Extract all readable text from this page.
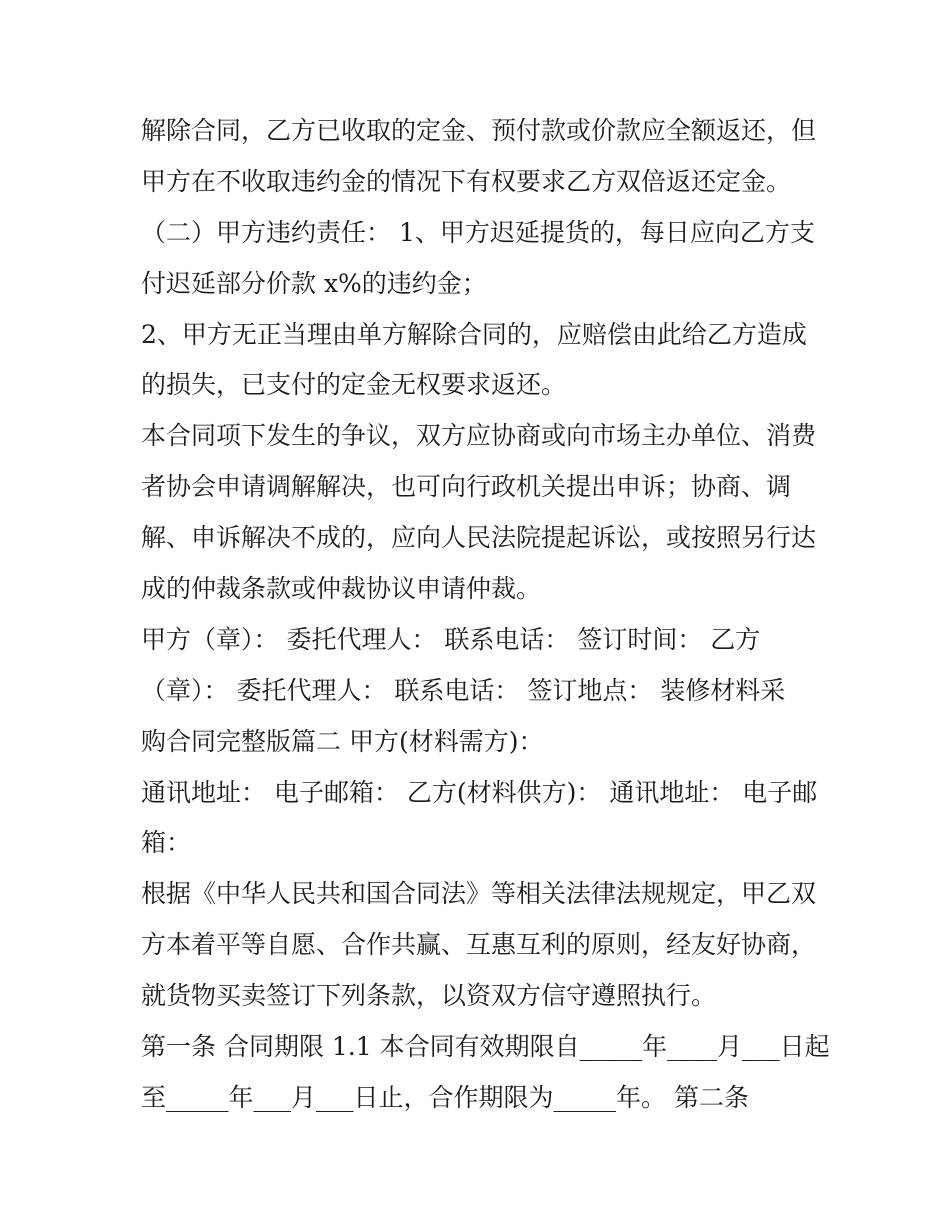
解除合同，乙方已收取的定金、预付款或价款应全额返还，但
甲方在不收取违约金的情况下有权要求乙方双倍返还定金。
（二）甲方违约责任： 1、甲方迟延提货的，每日应向乙方支
付迟延部分价款 x%的违约金；
2、甲方无正当理由单方解除合同的，应赔偿由此给乙方造成
的损失，已支付的定金无权要求返还。
本合同项下发生的争议，双方应协商或向市场主办单位、消费
者协会申请调解解决，也可向行政机关提出申诉；协商、调
解、申诉解决不成的，应向人民法院提起诉讼，或按照另行达
成的仲裁条款或仲裁协议申请仲裁。
甲方（章）： 委托代理人： 联系电话： 签订时间： 乙方
（章）： 委托代理人： 联系电话： 签订地点： 装修材料采
购合同完整版篇二 甲方(材料需方)：
通讯地址： 电子邮箱： 乙方(材料供方)： 通讯地址： 电子邮
箱：
根据《中华人民共和国合同法》等相关法律法规规定，甲乙双
方本着平等自愿、合作共赢、互惠互利的原则，经友好协商，
就货物买卖签订下列条款，以资双方信守遵照执行。
第一条 合同期限 1.1 本合同有效期限自_____年____月___日起
至_____年___月___日止，合作期限为_____年。 第二条
